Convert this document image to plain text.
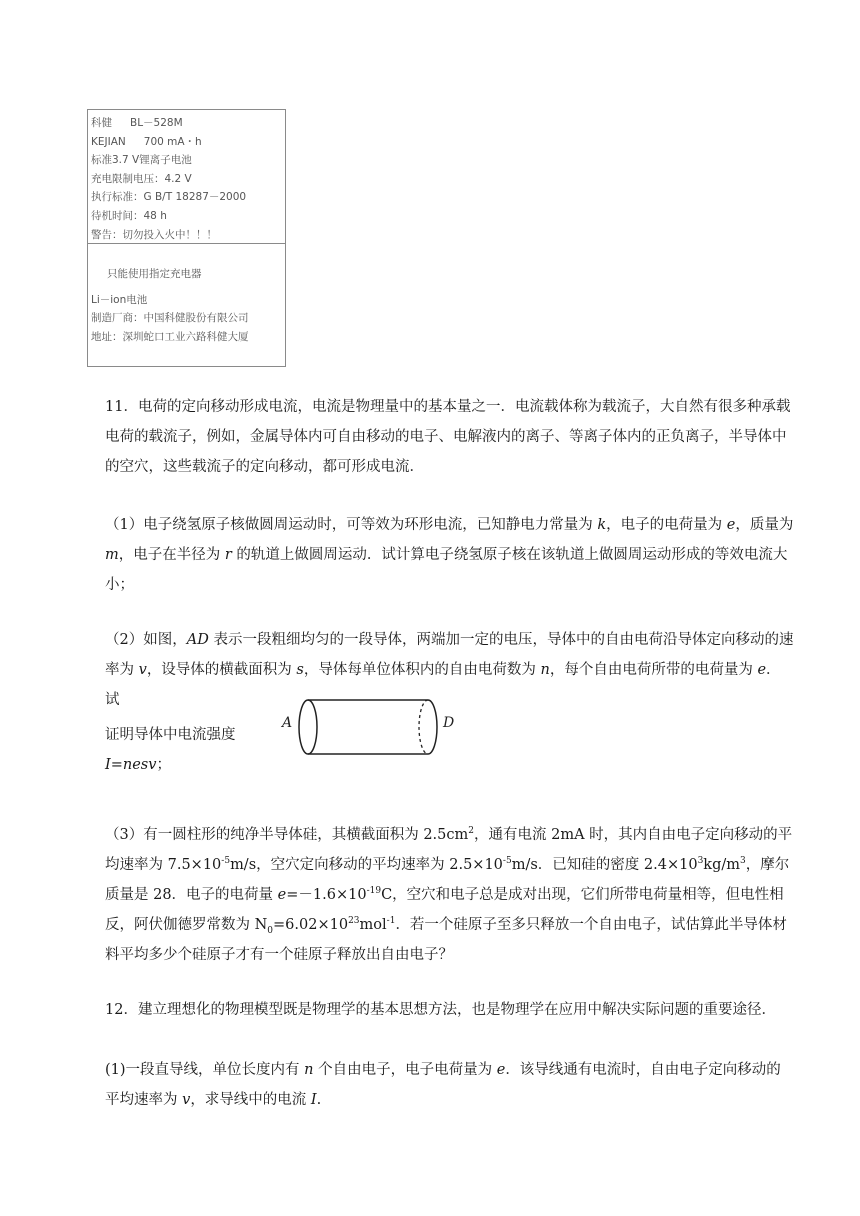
科健 BL－528M
KEJIAN 700 mA・h
标准3.7 V锂离子电池
充电限制电压：4.2 V
执行标准：G B/T 18287－2000
待机时间：48 h
警告：切勿投入火中！！！
只能使用指定充电器
Li－ion电池
制造厂商：中国科健股份有限公司
地址：深圳蛇口工业六路科健大厦
11．电荷的定向移动形成电流，电流是物理量中的基本量之一．电流载体称为载流子，大自然有很多种承载电荷的载流子，例如，金属导体内可自由移动的电子、电解液内的离子、等离子体内的正负离子，半导体中的空穴，这些载流子的定向移动，都可形成电流．
（1）电子绕氢原子核做圆周运动时，可等效为环形电流，已知静电力常量为 k，电子的电荷量为 e，质量为 m，电子在半径为 r 的轨道上做圆周运动．试计算电子绕氢原子核在该轨道上做圆周运动形成的等效电流大小；
（2）如图，AD 表示一段粗细均匀的一段导体，两端加一定的电压，导体中的自由电荷沿导体定向移动的速率为 v，设导体的横截面积为 s，导体每单位体积内的自由电荷数为 n，每个自由电荷所带的电荷量为 e．试
证明导体中电流强度 I=nesv；
A	D
（3）有一圆柱形的纯净半导体硅，其横截面积为 $2.5cm^2$，通有电流 2mA 时，其内自由电子定向移动的平均速率为 $7.5\times 10^{-5}m/s$，空穴定向移动的平均速率为 $2.5\times 10^{-5}m/s$．已知硅的密度 $2.4\times 10^3kg/m^3$，摩尔质量是 28．电子的电荷量 $e=-1.6\times 10^{-19}C$，空穴和电子总是成对出现，它们所带电荷量相等，但电性相反，阿伏伽德罗常数为 $N_0=6.02\times 10^{23}mol^{-1}$．若一个硅原子至多只释放一个自由电子，试估算此半导体材料平均多少个硅原子才有一个硅原子释放出自由电子？
12．建立理想化的物理模型既是物理学的基本思想方法，也是物理学在应用中解决实际问题的重要途径．
(1)一段直导线，单位长度内有 n 个自由电子，电子电荷量为 e．该导线通有电流时，自由电子定向移动的平均速率为 v，求导线中的电流 I.
